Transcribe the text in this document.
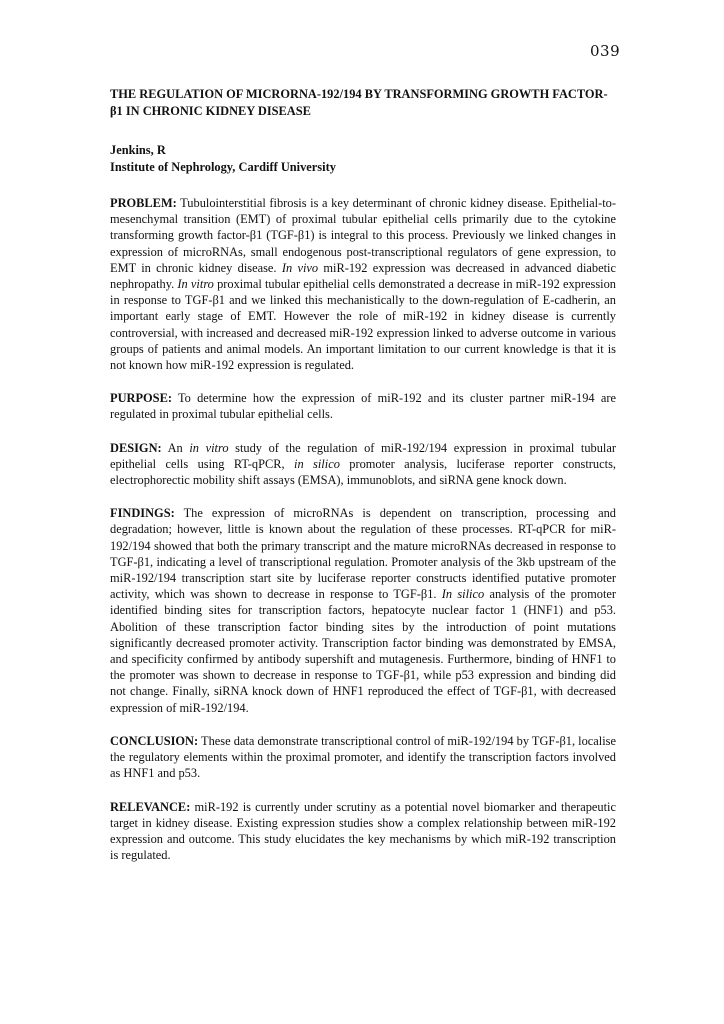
039
THE REGULATION OF MICRORNA-192/194 BY TRANSFORMING GROWTH FACTOR-β1 IN CHRONIC KIDNEY DISEASE
Jenkins, R
Institute of Nephrology, Cardiff University

PROBLEM: Tubulointerstitial fibrosis is a key determinant of chronic kidney disease. Epithelial-to-mesenchymal transition (EMT) of proximal tubular epithelial cells primarily due to the cytokine transforming growth factor-β1 (TGF-β1) is integral to this process. Previously we linked changes in expression of microRNAs, small endogenous post-transcriptional regulators of gene expression, to EMT in chronic kidney disease. In vivo miR-192 expression was decreased in advanced diabetic nephropathy. In vitro proximal tubular epithelial cells demonstrated a decrease in miR-192 expression in response to TGF-β1 and we linked this mechanistically to the down-regulation of E-cadherin, an important early stage of EMT. However the role of miR-192 in kidney disease is currently controversial, with increased and decreased miR-192 expression linked to adverse outcome in various groups of patients and animal models. An important limitation to our current knowledge is that it is not known how miR-192 expression is regulated.

PURPOSE: To determine how the expression of miR-192 and its cluster partner miR-194 are regulated in proximal tubular epithelial cells.

DESIGN: An in vitro study of the regulation of miR-192/194 expression in proximal tubular epithelial cells using RT-qPCR, in silico promoter analysis, luciferase reporter constructs, electrophorectic mobility shift assays (EMSA), immunoblots, and siRNA gene knock down.

FINDINGS: The expression of microRNAs is dependent on transcription, processing and degradation; however, little is known about the regulation of these processes. RT-qPCR for miR-192/194 showed that both the primary transcript and the mature microRNAs decreased in response to TGF-β1, indicating a level of transcriptional regulation. Promoter analysis of the 3kb upstream of the miR-192/194 transcription start site by luciferase reporter constructs identified putative promoter activity, which was shown to decrease in response to TGF-β1. In silico analysis of the promoter identified binding sites for transcription factors, hepatocyte nuclear factor 1 (HNF1) and p53. Abolition of these transcription factor binding sites by the introduction of point mutations significantly decreased promoter activity. Transcription factor binding was demonstrated by EMSA, and specificity confirmed by antibody supershift and mutagenesis. Furthermore, binding of HNF1 to the promoter was shown to decrease in response to TGF-β1, while p53 expression and binding did not change. Finally, siRNA knock down of HNF1 reproduced the effect of TGF-β1, with decreased expression of miR-192/194.

CONCLUSION: These data demonstrate transcriptional control of miR-192/194 by TGF-β1, localise the regulatory elements within the proximal promoter, and identify the transcription factors involved as HNF1 and p53.

RELEVANCE: miR-192 is currently under scrutiny as a potential novel biomarker and therapeutic target in kidney disease. Existing expression studies show a complex relationship between miR-192 expression and outcome. This study elucidates the key mechanisms by which miR-192 transcription is regulated.
